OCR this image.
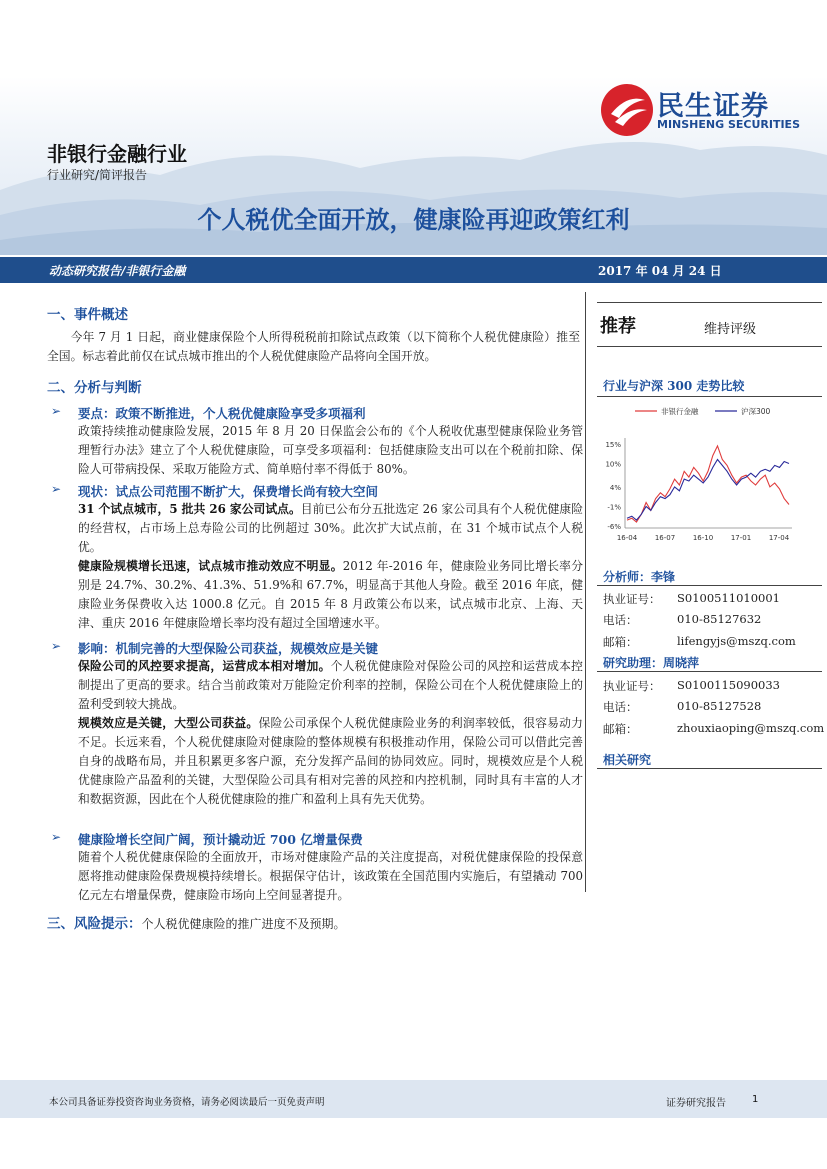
民生证券
MINSHENG SECURITIES
非银行金融行业
行业研究/简评报告
个人税优全面开放，健康险再迎政策红利
动态研究报告/非银行金融	2017 年 04 月 24 日
一、事件概述
今年 7 月 1 日起，商业健康保险个人所得税税前扣除试点政策（以下简称个人税优健康险）推至全国。标志着此前仅在试点城市推出的个人税优健康险产品将向全国开放。
二、分析与判断
➢ 要点：政策不断推进，个人税优健康险享受多项福利
政策持续推动健康险发展，2015 年 8 月 20 日保监会公布的《个人税收优惠型健康保险业务管理暂行办法》建立了个人税优健康险，可享受多项福利：包括健康险支出可以在个税前扣除、保险人可带病投保、采取万能险方式、简单赔付率不得低于 80%。
➢ 现状：试点公司范围不断扩大，保费增长尚有较大空间
31 个试点城市，5 批共 26 家公司试点。目前已公布分五批选定 26 家公司具有个人税优健康险的经营权，占市场上总寿险公司的比例超过 30%。此次扩大试点前，在 31 个城市试点个人税优。
健康险规模增长迅速，试点城市推动效应不明显。2012 年-2016 年，健康险业务同比增长率分别是 24.7%、30.2%、41.3%、51.9%和 67.7%，明显高于其他人身险。截至 2016 年底，健康险业务保费收入达 1000.8 亿元。自 2015 年 8 月政策公布以来，试点城市北京、上海、天津、重庆 2016 年健康险增长率均没有超过全国增速水平。
➢ 影响：机制完善的大型保险公司获益，规模效应是关键
保险公司的风控要求提高，运营成本相对增加。个人税优健康险对保险公司的风控和运营成本控制提出了更高的要求。结合当前政策对万能险定价利率的控制，保险公司在个人税优健康险上的盈利受到较大挑战。
规模效应是关键，大型公司获益。保险公司承保个人税优健康险业务的利润率较低，很容易动力不足。长远来看，个人税优健康险对健康险的整体规模有积极推动作用，保险公司可以借此完善自身的战略布局，并且积累更多客户源，充分发挥产品间的协同效应。同时，规模效应是个人税优健康险产品盈利的关键，大型保险公司具有相对完善的风控和内控机制，同时具有丰富的人才和数据资源，因此在个人税优健康险的推广和盈利上具有先天优势。
➢ 健康险增长空间广阔，预计撬动近 700 亿增量保费
随着个人税优健康保险的全面放开，市场对健康险产品的关注度提高，对税优健康保险的投保意愿将推动健康险保费规模持续增长。根据保守估计，该政策在全国范围内实施后，有望撬动 700 亿元左右增量保费，健康险市场向上空间显著提升。
三、风险提示：个人税优健康险的推广进度不及预期。
推荐	维持评级
行业与沪深 300 走势比较
非银行金融	沪深300
15%
10%
4%
-1%
-6%
16-04	16-07	16-10	17-01	17-04
分析师：李锋
执业证号： S0100511010001
电话：	010-85127632
邮箱：	lifengyjs@mszq.com
研究助理：周晓萍
执业证号： S0100115090033
电话：	010-85127528
邮箱：	zhouxiaoping@mszq.com
相关研究
本公司具备证券投资咨询业务资格，请务必阅读最后一页免责声明	证券研究报告	1
